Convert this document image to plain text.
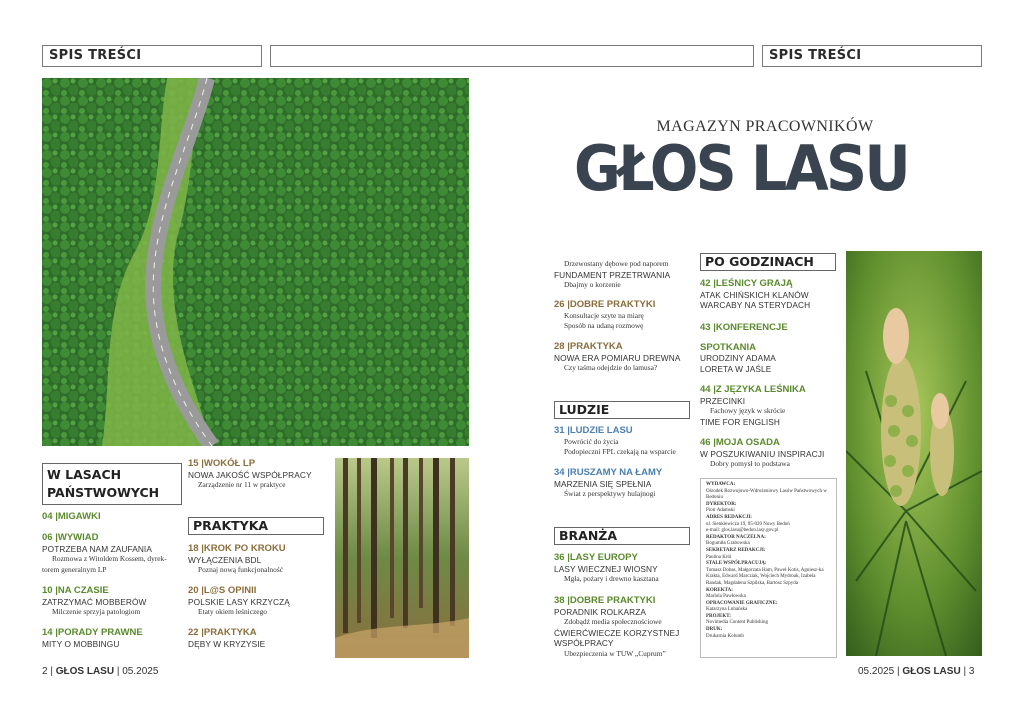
SPIS TREŚCI	SPIS TREŚCI
W LASACH
PAŃSTWOWYCH
04 |MIGAWKI
06 |WYWIAD
POTRZEBA NAM ZAUFANIA
Rozmowa z Witoldem Kossem, dyrek-
torem generalnym LP
10 |NA CZASIE
ZATRZYMAĆ MOBBERÓW
Milczenie sprzyja patologiom
14 |PORADY PRAWNE
MITY O MOBBINGU
15 |WOKÓŁ LP
NOWA JAKOŚĆ WSPÓŁPRACY
Zarządzenie nr 11 w praktyce
PRAKTYKA
18 |KROK PO KROKU
WYŁĄCZENIA BDL
Poznaj nową funkcjonalność
20 |L@S OPINII
POLSKIE LASY KRZYCZĄ
Etaty okiem leśniczego
22 |PRAKTYKA
DĘBY W KRYZYSIE
2 | GŁOS LASU | 05.2025
MAGAZYN PRACOWNIKÓW
GŁOS LASU
Drzewostany dębowe pod naporem
FUNDAMENT PRZETRWANIA
Dbajmy o korzenie
26 |DOBRE PRAKTYKI
Konsultacje szyte na miarę
Sposób na udaną rozmowę
28 |PRAKTYKA
NOWA ERA POMIARU DREWNA
Czy taśma odejdzie do lamusa?
LUDZIE
31 |LUDZIE LASU
Powrócić do życia
Podopieczni FPL czekają na wsparcie
34 |RUSZAMY NA ŁAMY
MARZENIA SIĘ SPEŁNIA
Świat z perspektywy hulajnogi
BRANŻA
36 |LASY EUROPY
LASY WIECZNEJ WIOSNY
Mgła, pożary i drewno kasztana
38 |DOBRE PRAKTYKI
PORADNIK ROLKARZA
Zdobądź media społecznościowe
ĆWIERĆWIECZE KORZYSTNEJ
WSPÓŁPRACY
Ubezpieczenia w TUW „Cuprum”
PO GODZINACH
42 |LEŚNICY GRAJĄ
ATAK CHIŃSKICH KLANÓW
WARCABY NA STERYDACH
43 |KONFERENCJE
SPOTKANIA
URODZINY ADAMA
LORETA W JAŚLE
44 |Z JĘZYKA LEŚNIKA
PRZECINKI
Fachowy język w skrócie
TIME FOR ENGLISH
46 |MOJA OSADA
W POSZUKIWANIU INSPIRACJI
Dobry pomysł to podstawa
WYDAWCA:
Ośrodek Rozwojowo-Wdrożeniowy Lasów Państwowych w Bedoniu
DYREKTOR:
Piotr Adamski
ADRES REDAKCJI:
ul. Sienkiewicza 19, 95-020 Nowy Bedoń
e-mail: glos.lasu@bedon.lasy.gov.pl
REDAKTOR NACZELNA:
Bogumiła Grabowska
SEKRETARZ REDAKCJI:
Paulina Król
STALE WSPÓŁPRACUJĄ:
Tomasz Dobas, Małgorzata Ham, Paweł Kotis, Agniesz-ka Krakta, Edward Marcziak, Wojciech Mydroak, Izabela Randak, Magdalena Szpilska, Bartosz Szpyda
KOREKTA:
Marlola Pawłowska
OPRACOWANIE GRAFICZNE:
Katarzyna Lubańska
PROJEKT:
Novimedia Content Publishing
DRUK:
Drukarnia Kolumb
05.2025 | GŁOS LASU | 3
